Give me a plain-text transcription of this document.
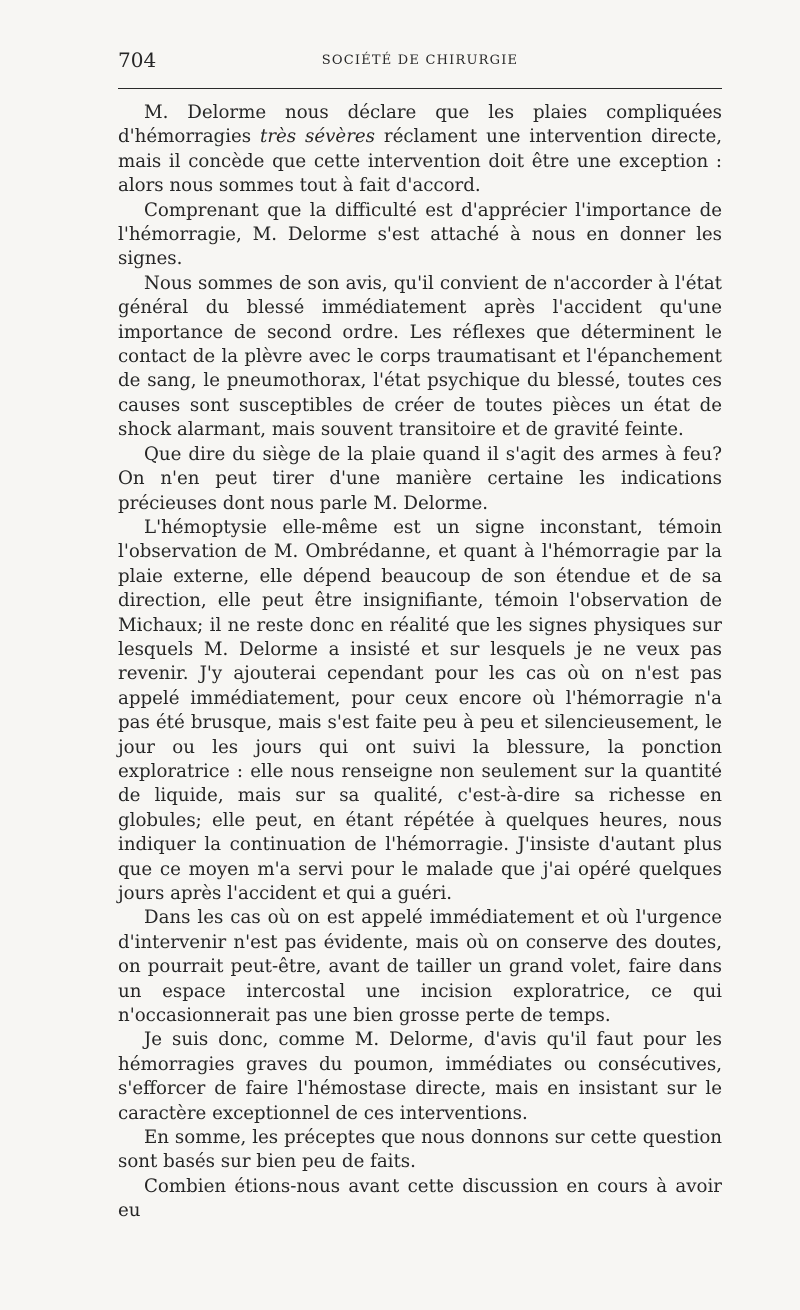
704	SOCIÉTÉ DE CHIRURGIE

M. Delorme nous déclare que les plaies compliquées d'hémorragies très sévères réclament une intervention directe, mais il concède que cette intervention doit être une exception : alors nous sommes tout à fait d'accord.

Comprenant que la difficulté est d'apprécier l'importance de l'hémorragie, M. Delorme s'est attaché à nous en donner les signes.

Nous sommes de son avis, qu'il convient de n'accorder à l'état général du blessé immédiatement après l'accident qu'une importance de second ordre. Les réflexes que déterminent le contact de la plèvre avec le corps traumatisant et l'épanchement de sang, le pneumothorax, l'état psychique du blessé, toutes ces causes sont susceptibles de créer de toutes pièces un état de shock alarmant, mais souvent transitoire et de gravité feinte.

Que dire du siège de la plaie quand il s'agit des armes à feu? On n'en peut tirer d'une manière certaine les indications précieuses dont nous parle M. Delorme.

L'hémoptysie elle-même est un signe inconstant, témoin l'observation de M. Ombrédanne, et quant à l'hémorragie par la plaie externe, elle dépend beaucoup de son étendue et de sa direction, elle peut être insignifiante, témoin l'observation de Michaux; il ne reste donc en réalité que les signes physiques sur lesquels M. Delorme a insisté et sur lesquels je ne veux pas revenir. J'y ajouterai cependant pour les cas où on n'est pas appelé immédiatement, pour ceux encore où l'hémorragie n'a pas été brusque, mais s'est faite peu à peu et silencieusement, le jour ou les jours qui ont suivi la blessure, la ponction exploratrice : elle nous renseigne non seulement sur la quantité de liquide, mais sur sa qualité, c'est-à-dire sa richesse en globules; elle peut, en étant répétée à quelques heures, nous indiquer la continuation de l'hémorragie. J'insiste d'autant plus que ce moyen m'a servi pour le malade que j'ai opéré quelques jours après l'accident et qui a guéri.

Dans les cas où on est appelé immédiatement et où l'urgence d'intervenir n'est pas évidente, mais où on conserve des doutes, on pourrait peut-être, avant de tailler un grand volet, faire dans un espace intercostal une incision exploratrice, ce qui n'occasionnerait pas une bien grosse perte de temps.

Je suis donc, comme M. Delorme, d'avis qu'il faut pour les hémorragies graves du poumon, immédiates ou consécutives, s'efforcer de faire l'hémostase directe, mais en insistant sur le caractère exceptionnel de ces interventions.

En somme, les préceptes que nous donnons sur cette question sont basés sur bien peu de faits.

Combien étions-nous avant cette discussion en cours à avoir eu
